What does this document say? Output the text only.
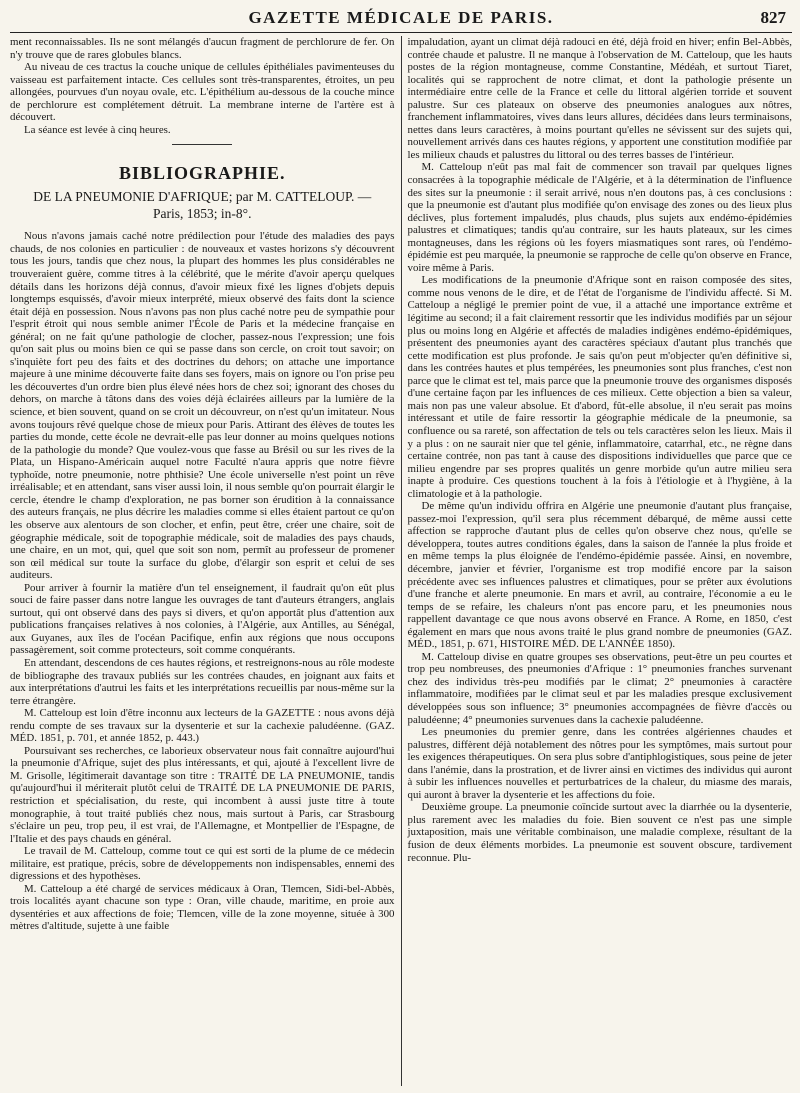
GAZETTE MÉDICALE DE PARIS.	827

ment reconnaissables. Ils ne sont mélangés d'aucun fragment de perchlorure de fer. On n'y trouve que de rares globules blancs.

Au niveau de ces tractus la couche unique de cellules épithéliales pavimenteuses du vaisseau est parfaitement intacte. Ces cellules sont très-transparentes, étroites, un peu allongées, pourvues d'un noyau ovale, etc. L'épithélium au-dessous de la couche mince de perchlorure est complétement détruit. La membrane interne de l'artère est à découvert.

La séance est levée à cinq heures.

BIBLIOGRAPHIE.
DE LA PNEUMONIE D'AFRIQUE; par M. CATTELOUP. —
Paris, 1853; in-8°.

Nous n'avons jamais caché notre prédilection pour l'étude des maladies des pays chauds, de nos colonies en particulier : de nouveaux et vastes horizons s'y découvrent tous les jours, tandis que chez nous, la plupart des hommes les plus considérables ne trouveraient guère, comme titres à la célébrité, que le mérite d'avoir aperçu quelques détails dans les horizons déjà connus, d'avoir mieux fixé les lignes d'objets depuis longtemps esquissés, d'avoir mieux interprété, mieux observé des faits dont la science était déjà en possession. Nous n'avons pas non plus caché notre peu de sympathie pour l'esprit étroit qui nous semble animer l'École de Paris et la médecine française en général; on ne fait qu'une pathologie de clocher, passez-nous l'expression; une fois qu'on sait plus ou moins bien ce qui se passe dans son cercle, on croit tout savoir; on s'inquiète fort peu des faits et des doctrines du dehors; on attache une importance majeure à une minime découverte faite dans ses foyers, mais on ignore ou l'on prise peu les découvertes d'un ordre bien plus élevé nées hors de chez soi; ignorant des choses du dehors, on marche à tâtons dans des voies déjà éclairées ailleurs par la lumière de la science, et bien souvent, quand on se croit un découvreur, on n'est qu'un imitateur. Nous avons toujours rêvé quelque chose de mieux pour Paris. Attirant des élèves de toutes les parties du monde, cette école ne devrait-elle pas leur donner au moins quelques notions de la pathologie du monde? Que voulez-vous que fasse au Brésil ou sur les rives de la Plata, un Hispano-Américain auquel notre Faculté n'aura appris que notre fièvre typhoïde, notre pneumonie, notre phthisie? Une école universelle n'est point un rêve irréalisable; et en attendant, sans viser aussi loin, il nous semble qu'on pourrait élargir le cercle, étendre le champ d'exploration, ne pas borner son érudition à la connaissance des auteurs français, ne plus décrire les maladies comme si elles étaient partout ce qu'on les observe aux alentours de son clocher, et enfin, peut être, créer une chaire, soit de géographie médicale, soit de topographie médicale, soit de maladies des pays chauds, une chaire, en un mot, qui, quel que soit son nom, permît au professeur de promener son œil médical sur toute la surface du globe, d'élargir son esprit et celui de ses auditeurs.

Pour arriver à fournir la matière d'un tel enseignement, il faudrait qu'on eût plus souci de faire passer dans notre langue les ouvrages de tant d'auteurs étrangers, anglais surtout, qui ont observé dans des pays si divers, et qu'on apportât plus d'attention aux publications françaises relatives à nos colonies, à l'Algérie, aux Antilles, au Sénégal, aux Guyanes, aux îles de l'océan Pacifique, enfin aux régions que nous occupons passagèrement, soit comme protecteurs, soit comme conquérants.

En attendant, descendons de ces hautes régions, et restreignons-nous au rôle modeste de bibliographe des travaux publiés sur les contrées chaudes, en joignant aux faits et aux interprétations d'autrui les faits et les interprétations recueillis par nous-même sur la terre étrangère.

M. Catteloup est loin d'être inconnu aux lecteurs de la GAZETTE : nous avons déjà rendu compte de ses travaux sur la dysenterie et sur la cachexie paludéenne. (GAZ. MÉD. 1851, p. 701, et année 1852, p. 443.)

Poursuivant ses recherches, ce laborieux observateur nous fait connaître aujourd'hui la pneumonie d'Afrique, sujet des plus intéressants, et qui, ajouté à l'excellent livre de M. Grisolle, légitimerait davantage son titre : TRAITÉ DE LA PNEUMONIE, tandis qu'aujourd'hui il mériterait plutôt celui de TRAITÉ DE LA PNEUMONIE DE PARIS, restriction et spécialisation, du reste, qui incombent à aussi juste titre à toute monographie, à tout traité publiés chez nous, mais surtout à Paris, car Strasbourg s'éclaire un peu, trop peu, il est vrai, de l'Allemagne, et Montpellier de l'Espagne, de l'Italie et des pays chauds en général.

Le travail de M. Catteloup, comme tout ce qui est sorti de la plume de ce médecin militaire, est pratique, précis, sobre de développements non indispensables, ennemi des digressions et des hypothèses.

M. Catteloup a été chargé de services médicaux à Oran, Tlemcen, Sidi-bel-Abbès, trois localités ayant chacune son type : Oran, ville chaude, maritime, en proie aux dysentéries et aux affections de foie; Tlemcen, ville de la zone moyenne, située à 300 mètres d'altitude, sujette à une faible

impaludation, ayant un climat déjà radouci en été, déjà froid en hiver; enfin Bel-Abbès, contrée chaude et palustre. Il ne manque à l'observation de M. Catteloup, que les hauts postes de la région montagneuse, comme Constantine, Médéah, et surtout Tiaret, localités qui se rapprochent de notre climat, et dont la pathologie présente un intermédiaire entre celle de la France et celle du littoral algérien torride et souvent palustre. Sur ces plateaux on observe des pneumonies analogues aux nôtres, franchement inflammatoires, vives dans leurs allures, décidées dans leurs terminaisons, nettes dans leurs caractères, à moins pourtant qu'elles ne sévissent sur des sujets qui, nouvellement arrivés dans ces hautes régions, y apportent une constitution modifiée par les milieux chauds et palustres du littoral ou des terres basses de l'intérieur.

M. Catteloup n'eût pas mal fait de commencer son travail par quelques lignes consacrées à la topographie médicale de l'Algérie, et à la détermination de l'influence des sites sur la pneumonie : il serait arrivé, nous n'en doutons pas, à ces conclusions : que la pneumonie est d'autant plus modifiée qu'on envisage des zones ou des lieux plus déclives, plus fortement impaludés, plus chauds, plus sujets aux endémo-épidémies palustres et climatiques; tandis qu'au contraire, sur les hauts plateaux, sur les cimes montagneuses, dans les régions où les foyers miasmatiques sont rares, où l'endémo-épidémie est peu marquée, la pneumonie se rapproche de celle qu'on observe en France, voire même à Paris.

Les modifications de la pneumonie d'Afrique sont en raison composée des sites, comme nous venons de le dire, et de l'état de l'organisme de l'individu affecté. Si M. Catteloup a négligé le premier point de vue, il a attaché une importance extrême et légitime au second; il a fait clairement ressortir que les individus modifiés par un séjour plus ou moins long en Algérie et affectés de maladies indigènes endémo-épidémiques, présentent des pneumonies ayant des caractères spéciaux d'autant plus tranchés que cette modification est plus profonde. Je sais qu'on peut m'objecter qu'en définitive si, dans les contrées hautes et plus tempérées, les pneumonies sont plus franches, c'est non parce que le climat est tel, mais parce que la pneumonie trouve des organismes disposés d'une certaine façon par les influences de ces milieux. Cette objection a bien sa valeur, mais non pas une valeur absolue. Et d'abord, fût-elle absolue, il n'eu serait pas moins intéressant et utile de faire ressortir la géographie médicale de la pneumonie, sa confluence ou sa rareté, son affectation de tels ou tels caractères selon les lieux. Mais il y a plus : on ne saurait nier que tel génie, inflammatoire, catarrhal, etc., ne règne dans certaine contrée, non pas tant à cause des dispositions individuelles que parce que ce milieu engendre par ses propres qualités un genre morbide qu'un autre milieu sera inapte à produire. Ces questions touchent à la fois à l'étiologie et à l'hygiène, à la climatologie et à la pathologie.

De même qu'un individu offrira en Algérie une pneumonie d'autant plus française, passez-moi l'expression, qu'il sera plus récemment débarqué, de même aussi cette affection se rapproche d'autant plus de celles qu'on observe chez nous, qu'elle se développera, toutes autres conditions égales, dans la saison de l'année la plus froide et en même temps la plus éloignée de l'endémo-épidémie passée. Ainsi, en novembre, décembre, janvier et février, l'organisme est trop modifié encore par la saison précédente avec ses influences palustres et climatiques, pour se prêter aux évolutions d'une franche et alerte pneumonie. En mars et avril, au contraire, l'économie a eu le temps de se refaire, les chaleurs n'ont pas encore paru, et les pneumonies nous rappellent davantage ce que nous avons observé en France. A Rome, en 1850, c'est également en mars que nous avons traité le plus grand nombre de pneumonies (GAZ. MÉD., 1851, p. 671, HISTOIRE MÉD. DE L'ANNÉE 1850).

M. Catteloup divise en quatre groupes ses observations, peut-être un peu courtes et trop peu nombreuses, des pneumonies d'Afrique : 1° pneumonies franches survenant chez des individus très-peu modifiés par le climat; 2° pneumonies à caractère inflammatoire, modifiées par le climat seul et par les maladies presque exclusivement développées sous son influence; 3° pneumonies accompagnées de fièvre d'accès ou paludéenne; 4° pneumonies survenues dans la cachexie paludéenne.

Les pneumonies du premier genre, dans les contrées algériennes chaudes et palustres, diffèrent déjà notablement des nôtres pour les symptômes, mais surtout pour les exigences thérapeutiques. On sera plus sobre d'antiphlogistiques, sous peine de jeter dans l'anémie, dans la prostration, et de livrer ainsi en victimes des individus qui auront à subir les influences nouvelles et perturbatrices de la chaleur, du miasme des marais, qui auront à braver la dysenterie et les affections du foie.

Deuxième groupe. La pneumonie coïncide surtout avec la diarrhée ou la dysenterie, plus rarement avec les maladies du foie. Bien souvent ce n'est pas une simple juxtaposition, mais une véritable combinaison, une maladie complexe, résultant de la fusion de deux éléments morbides. La pneumonie est souvent obscure, tardivement reconnue. Plu-
